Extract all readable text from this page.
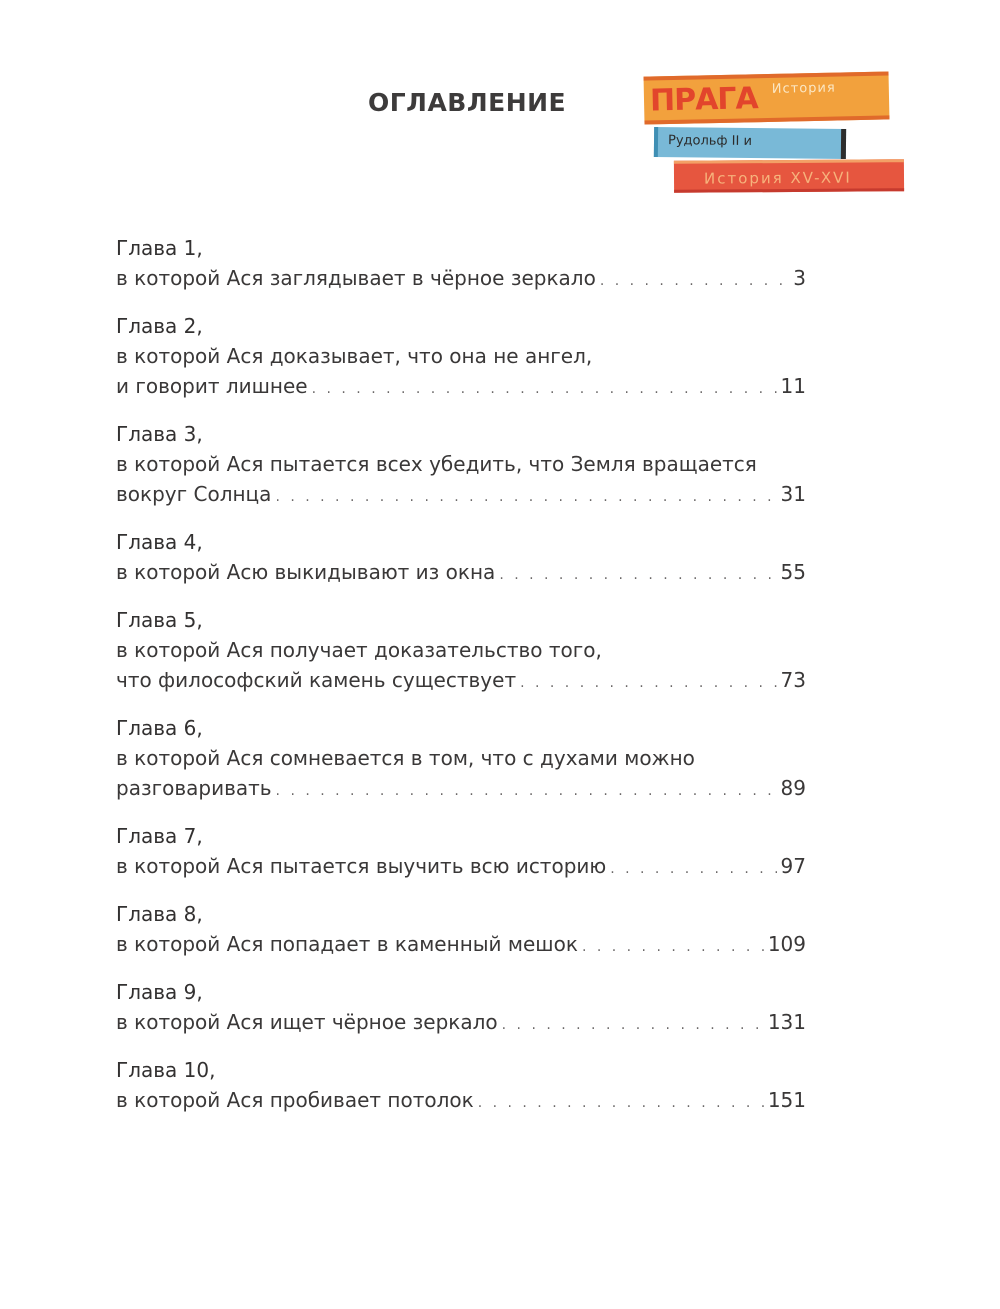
ОГЛАВЛЕНИЕ	ПРАГА История
Рудольф II и
История XV-XVI
Глава 1,
в которой Ася заглядывает в чёрное зеркало . . .	3
Глава 2,
в которой Ася доказывает, что она не ангел,
и говорит лишнее . . .	11
Глава 3,
в которой Ася пытается всех убедить, что Земля вращается
вокруг Солнца . . .	31
Глава 4,
в которой Асю выкидывают из окна . . .	55
Глава 5,
в которой Ася получает доказательство того,
что философский камень существует . . .	73
Глава 6,
в которой Ася сомневается в том, что с духами можно
разговаривать . . .	89
Глава 7,
в которой Ася пытается выучить всю историю . . .	97
Глава 8,
в которой Ася попадает в каменный мешок . . .	109
Глава 9,
в которой Ася ищет чёрное зеркало . . .	131
Глава 10,
в которой Ася пробивает потолок . . .	151
